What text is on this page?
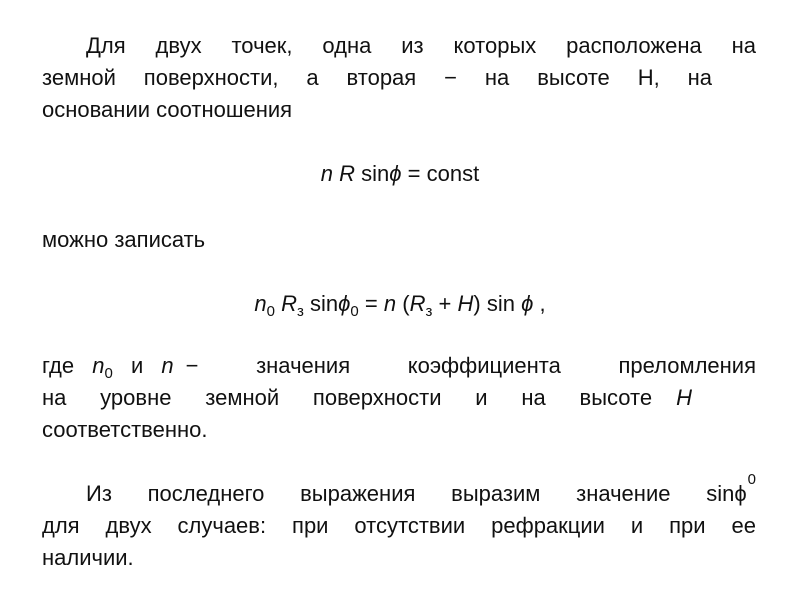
Для двух точек, одна из которых расположена на
земной поверхности, а вторая − на высоте Н, на
основании соотношения
n R sinϕ = const
можно записать
$n_0$ $R_з$ sinϕ$_0$ = n $(R_з + H)$ sin ϕ ,
где $n_0$ и n − значения коэффициента преломления
на уровне земной поверхности и на высоте H
соответственно.
Из последнего выражения выразим значение sinϕ
0
для двух случаев: при отсутствии рефракции и при ее
наличии.
